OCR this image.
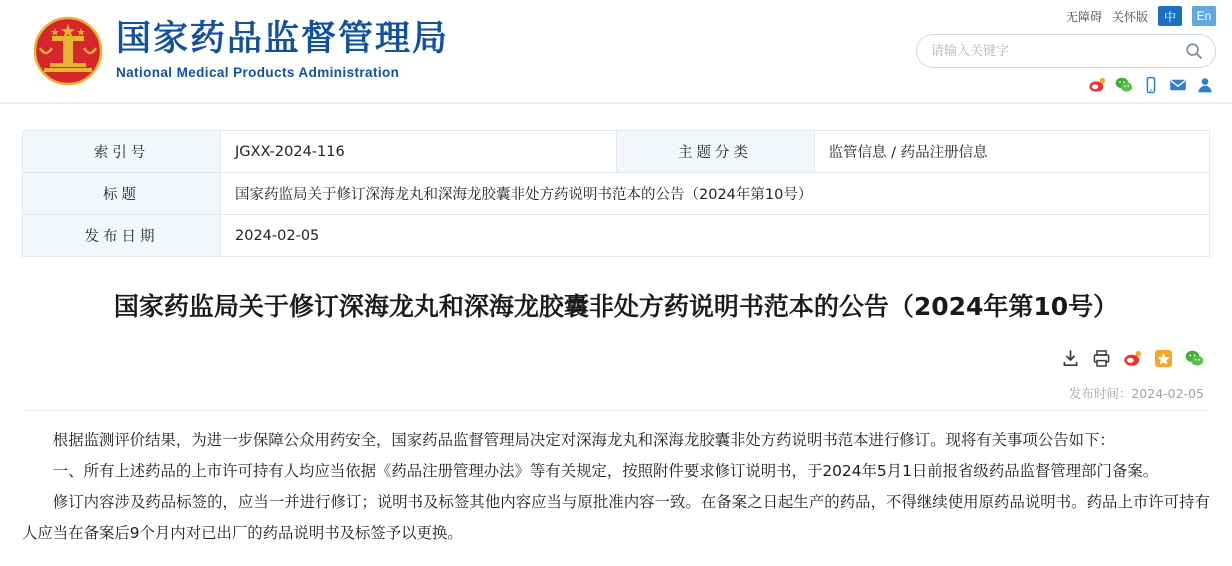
国家药品监督管理局
National Medical Products Administration
无障碍 关怀版	中	En
请输入关键字
索引号	JGXX-2024-116	主题分类	监管信息 / 药品注册信息
标题	国家药监局关于修订深海龙丸和深海龙胶囊非处方药说明书范本的公告（2024年第10号）		
发布日期	2024-02-05		
国家药监局关于修订深海龙丸和深海龙胶囊非处方药说明书范本的公告（2024年第10号）
发布时间：2024-02-05

根据监测评价结果，为进一步保障公众用药安全，国家药品监督管理局决定对深海龙丸和深海龙胶囊非处方药说明书范本进行修订。现将有关事项公告如下：

一、所有上述药品的上市许可持有人均应当依据《药品注册管理办法》等有关规定，按照附件要求修订说明书，于2024年5月1日前报省级药品监督管理部门备案。

修订内容涉及药品标签的，应当一并进行修订；说明书及标签其他内容应当与原批准内容一致。在备案之日起生产的药品，不得继续使用原药品说明书。药品上市许可持有人应当在备案后9个月内对已出厂的药品说明书及标签予以更换。
